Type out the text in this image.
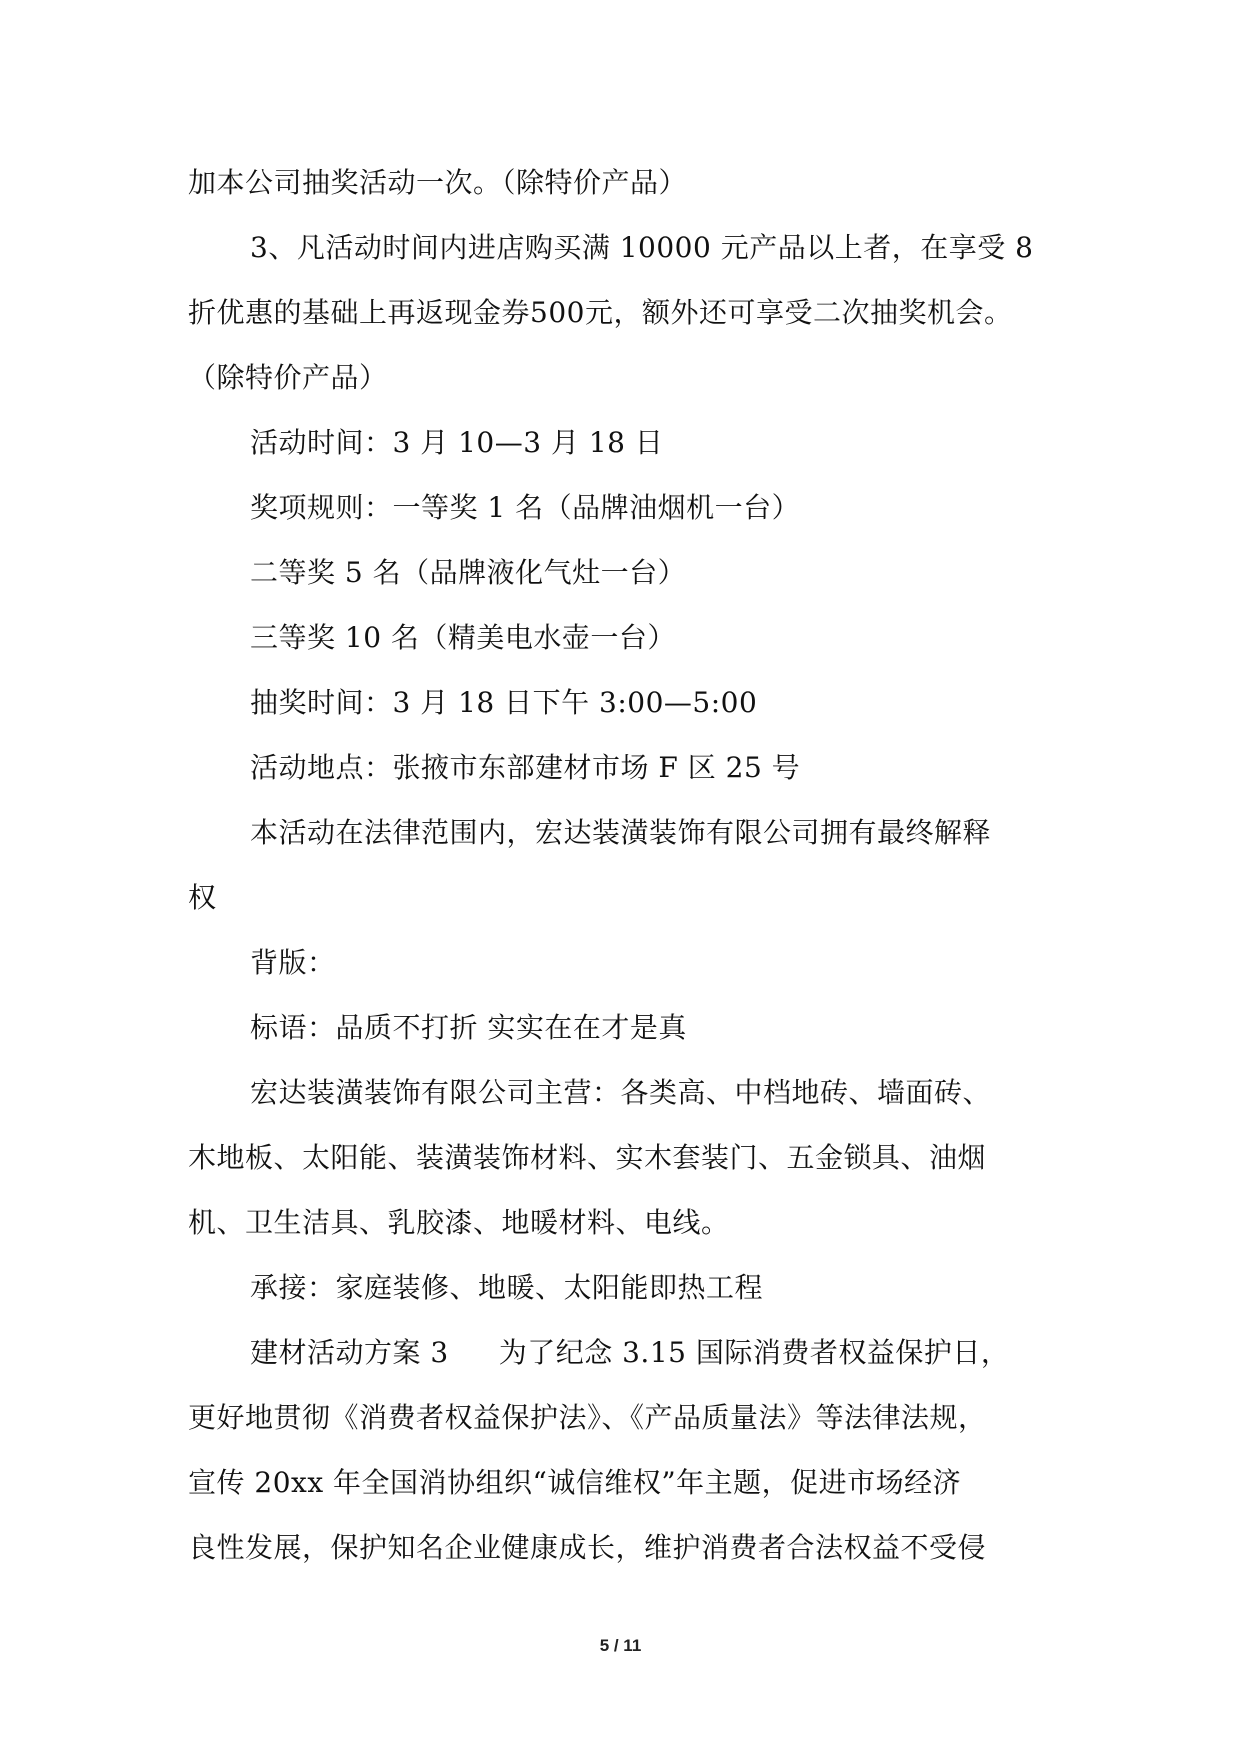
加本公司抽奖活动一次。（除特价产品）
3、凡活动时间内进店购买满 10000 元产品以上者，在享受 8
折优惠的基础上再返现金券500元，额外还可享受二次抽奖机会。
（除特价产品）
活动时间：3 月 10—3 月 18 日
奖项规则：一等奖 1 名（品牌油烟机一台）
二等奖 5 名（品牌液化气灶一台）
三等奖 10 名（精美电水壶一台）
抽奖时间：3 月 18 日下午 3:00—5:00
活动地点：张掖市东部建材市场 F 区 25 号
本活动在法律范围内，宏达装潢装饰有限公司拥有最终解释
权
背版：
标语：品质不打折 实实在在才是真
宏达装潢装饰有限公司主营：各类高、中档地砖、墙面砖、
木地板、太阳能、装潢装饰材料、实木套装门、五金锁具、油烟
机、卫生洁具、乳胶漆、地暖材料、电线。
承接：家庭装修、地暖、太阳能即热工程
建材活动方案 3 为了纪念 3.15 国际消费者权益保护日，
更好地贯彻《消费者权益保护法》、《产品质量法》等法律法规，
宣传 20xx 年全国消协组织“诚信维权”年主题，促进市场经济
良性发展，保护知名企业健康成长，维护消费者合法权益不受侵
5 / 11
